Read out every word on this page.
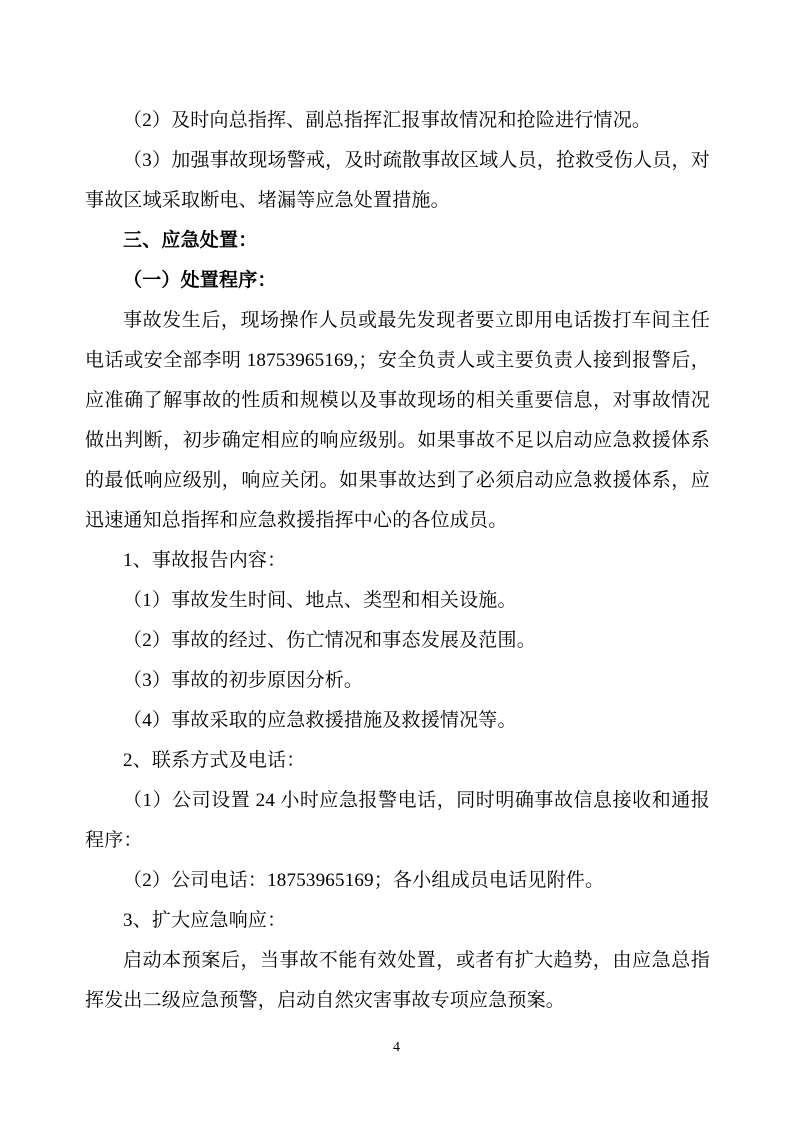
（2）及时向总指挥、副总指挥汇报事故情况和抢险进行情况。

（3）加强事故现场警戒，及时疏散事故区域人员，抢救受伤人员，对事故区域采取断电、堵漏等应急处置措施。

三、应急处置：

（一）处置程序：

事故发生后，现场操作人员或最先发现者要立即用电话拨打车间主任电话或安全部李明 18753965169,；安全负责人或主要负责人接到报警后，应准确了解事故的性质和规模以及事故现场的相关重要信息，对事故情况做出判断，初步确定相应的响应级别。如果事故不足以启动应急救援体系的最低响应级别，响应关闭。如果事故达到了必须启动应急救援体系，应迅速通知总指挥和应急救援指挥中心的各位成员。

1、事故报告内容：

（1）事故发生时间、地点、类型和相关设施。

（2）事故的经过、伤亡情况和事态发展及范围。

（3）事故的初步原因分析。

（4）事故采取的应急救援措施及救援情况等。

2、联系方式及电话：

（1）公司设置 24 小时应急报警电话，同时明确事故信息接收和通报程序：

（2）公司电话：18753965169；各小组成员电话见附件。

3、扩大应急响应：

启动本预案后，当事故不能有效处置，或者有扩大趋势，由应急总指挥发出二级应急预警，启动自然灾害事故专项应急预案。

4
